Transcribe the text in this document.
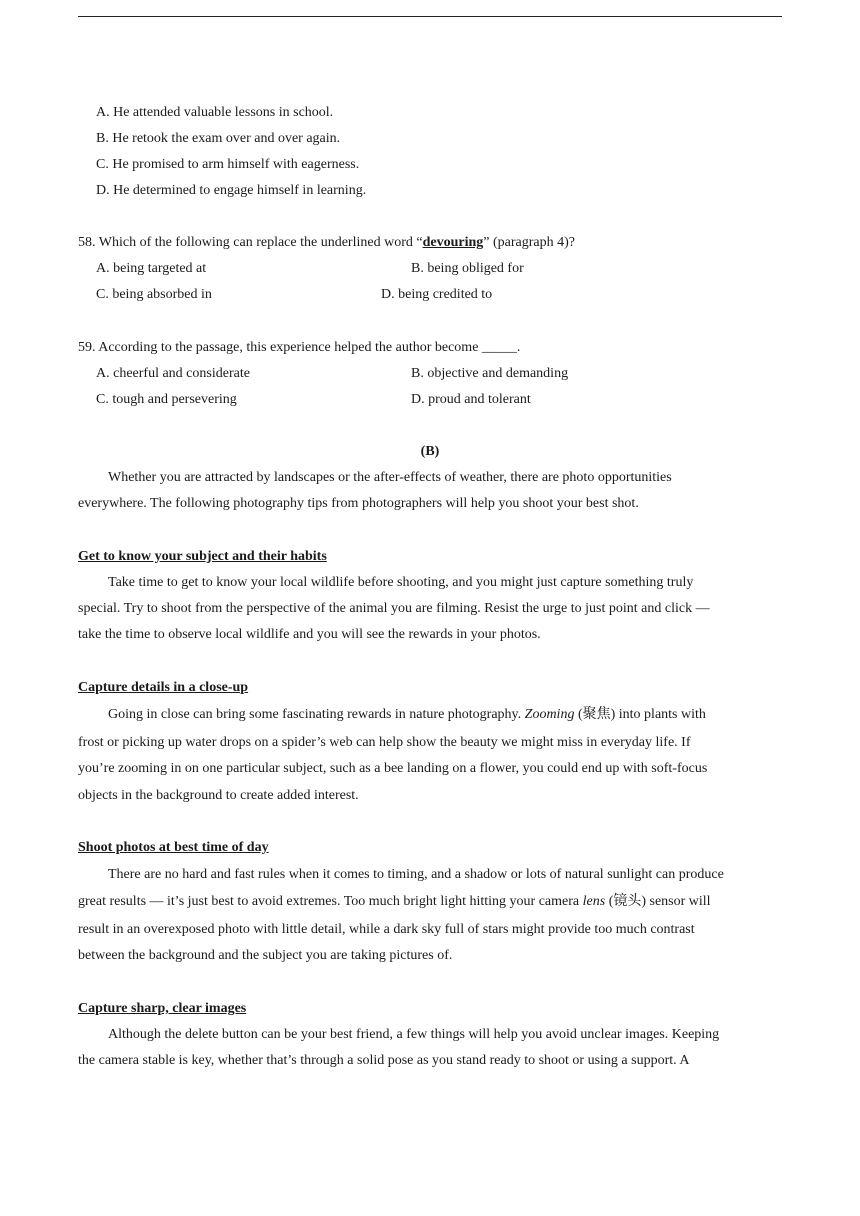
A. He attended valuable lessons in school.
B. He retook the exam over and over again.
C. He promised to arm himself with eagerness.
D. He determined to engage himself in learning.
58. Which of the following can replace the underlined word “devouring” (paragraph 4)?
A. being targeted at	B. being obliged for
C. being absorbed in	D. being credited to
59. According to the passage, this experience helped the author become _____.
A. cheerful and considerate	B. objective and demanding
C. tough and persevering	D. proud and tolerant
(B)
Whether you are attracted by landscapes or the after-effects of weather, there are photo opportunities
everywhere. The following photography tips from photographers will help you shoot your best shot.
Get to know your subject and their habits
Take time to get to know your local wildlife before shooting, and you might just capture something truly
special. Try to shoot from the perspective of the animal you are filming. Resist the urge to just point and click —
take the time to observe local wildlife and you will see the rewards in your photos.
Capture details in a close-up
Going in close can bring some fascinating rewards in nature photography. Zooming (聚焦) into plants with
frost or picking up water drops on a spider’s web can help show the beauty we might miss in everyday life. If
you’re zooming in on one particular subject, such as a bee landing on a flower, you could end up with soft-focus
objects in the background to create added interest.
Shoot photos at best time of day
There are no hard and fast rules when it comes to timing, and a shadow or lots of natural sunlight can produce
great results — it’s just best to avoid extremes. Too much bright light hitting your camera lens (镜头) sensor will
result in an overexposed photo with little detail, while a dark sky full of stars might provide too much contrast
between the background and the subject you are taking pictures of.
Capture sharp, clear images
Although the delete button can be your best friend, a few things will help you avoid unclear images. Keeping
the camera stable is key, whether that’s through a solid pose as you stand ready to shoot or using a support. A
